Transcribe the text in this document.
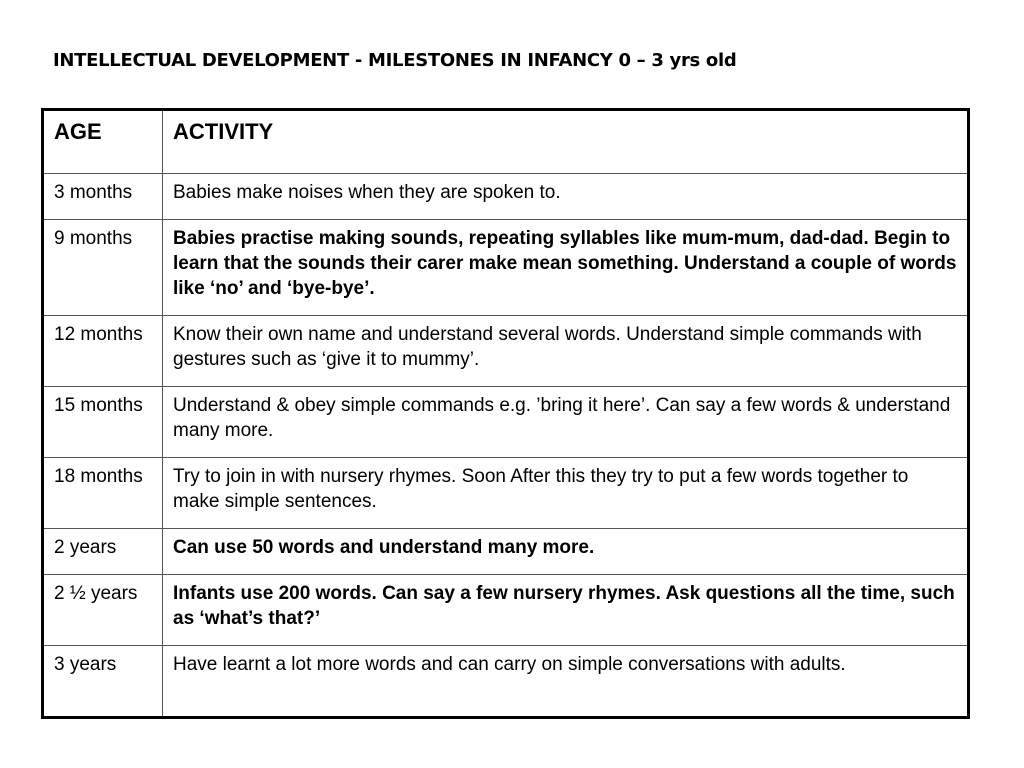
INTELLECTUAL DEVELOPMENT - MILESTONES IN INFANCY 0 – 3 yrs old
AGE	ACTIVITY
3 months	Babies make noises when they are spoken to.
9 months	Babies practise making sounds, repeating syllables like mum-mum, dad-dad. Begin to learn that the sounds their carer make mean something. Understand a couple of words like ‘no’ and ‘bye-bye’.
12 months	Know their own name and understand several words. Understand simple commands with gestures such as ‘give it to mummy’.
15 months	Understand & obey simple commands e.g. ’bring it here’. Can say a few words & understand many more.
18 months	Try to join in with nursery rhymes. Soon After this they try to put a few words together to make simple sentences.
2 years	Can use 50 words and understand many more.
2 ½ years	Infants use 200 words. Can say a few nursery rhymes. Ask questions all the time, such as ‘what’s that?’
3 years	Have learnt a lot more words and can carry on simple conversations with adults.
